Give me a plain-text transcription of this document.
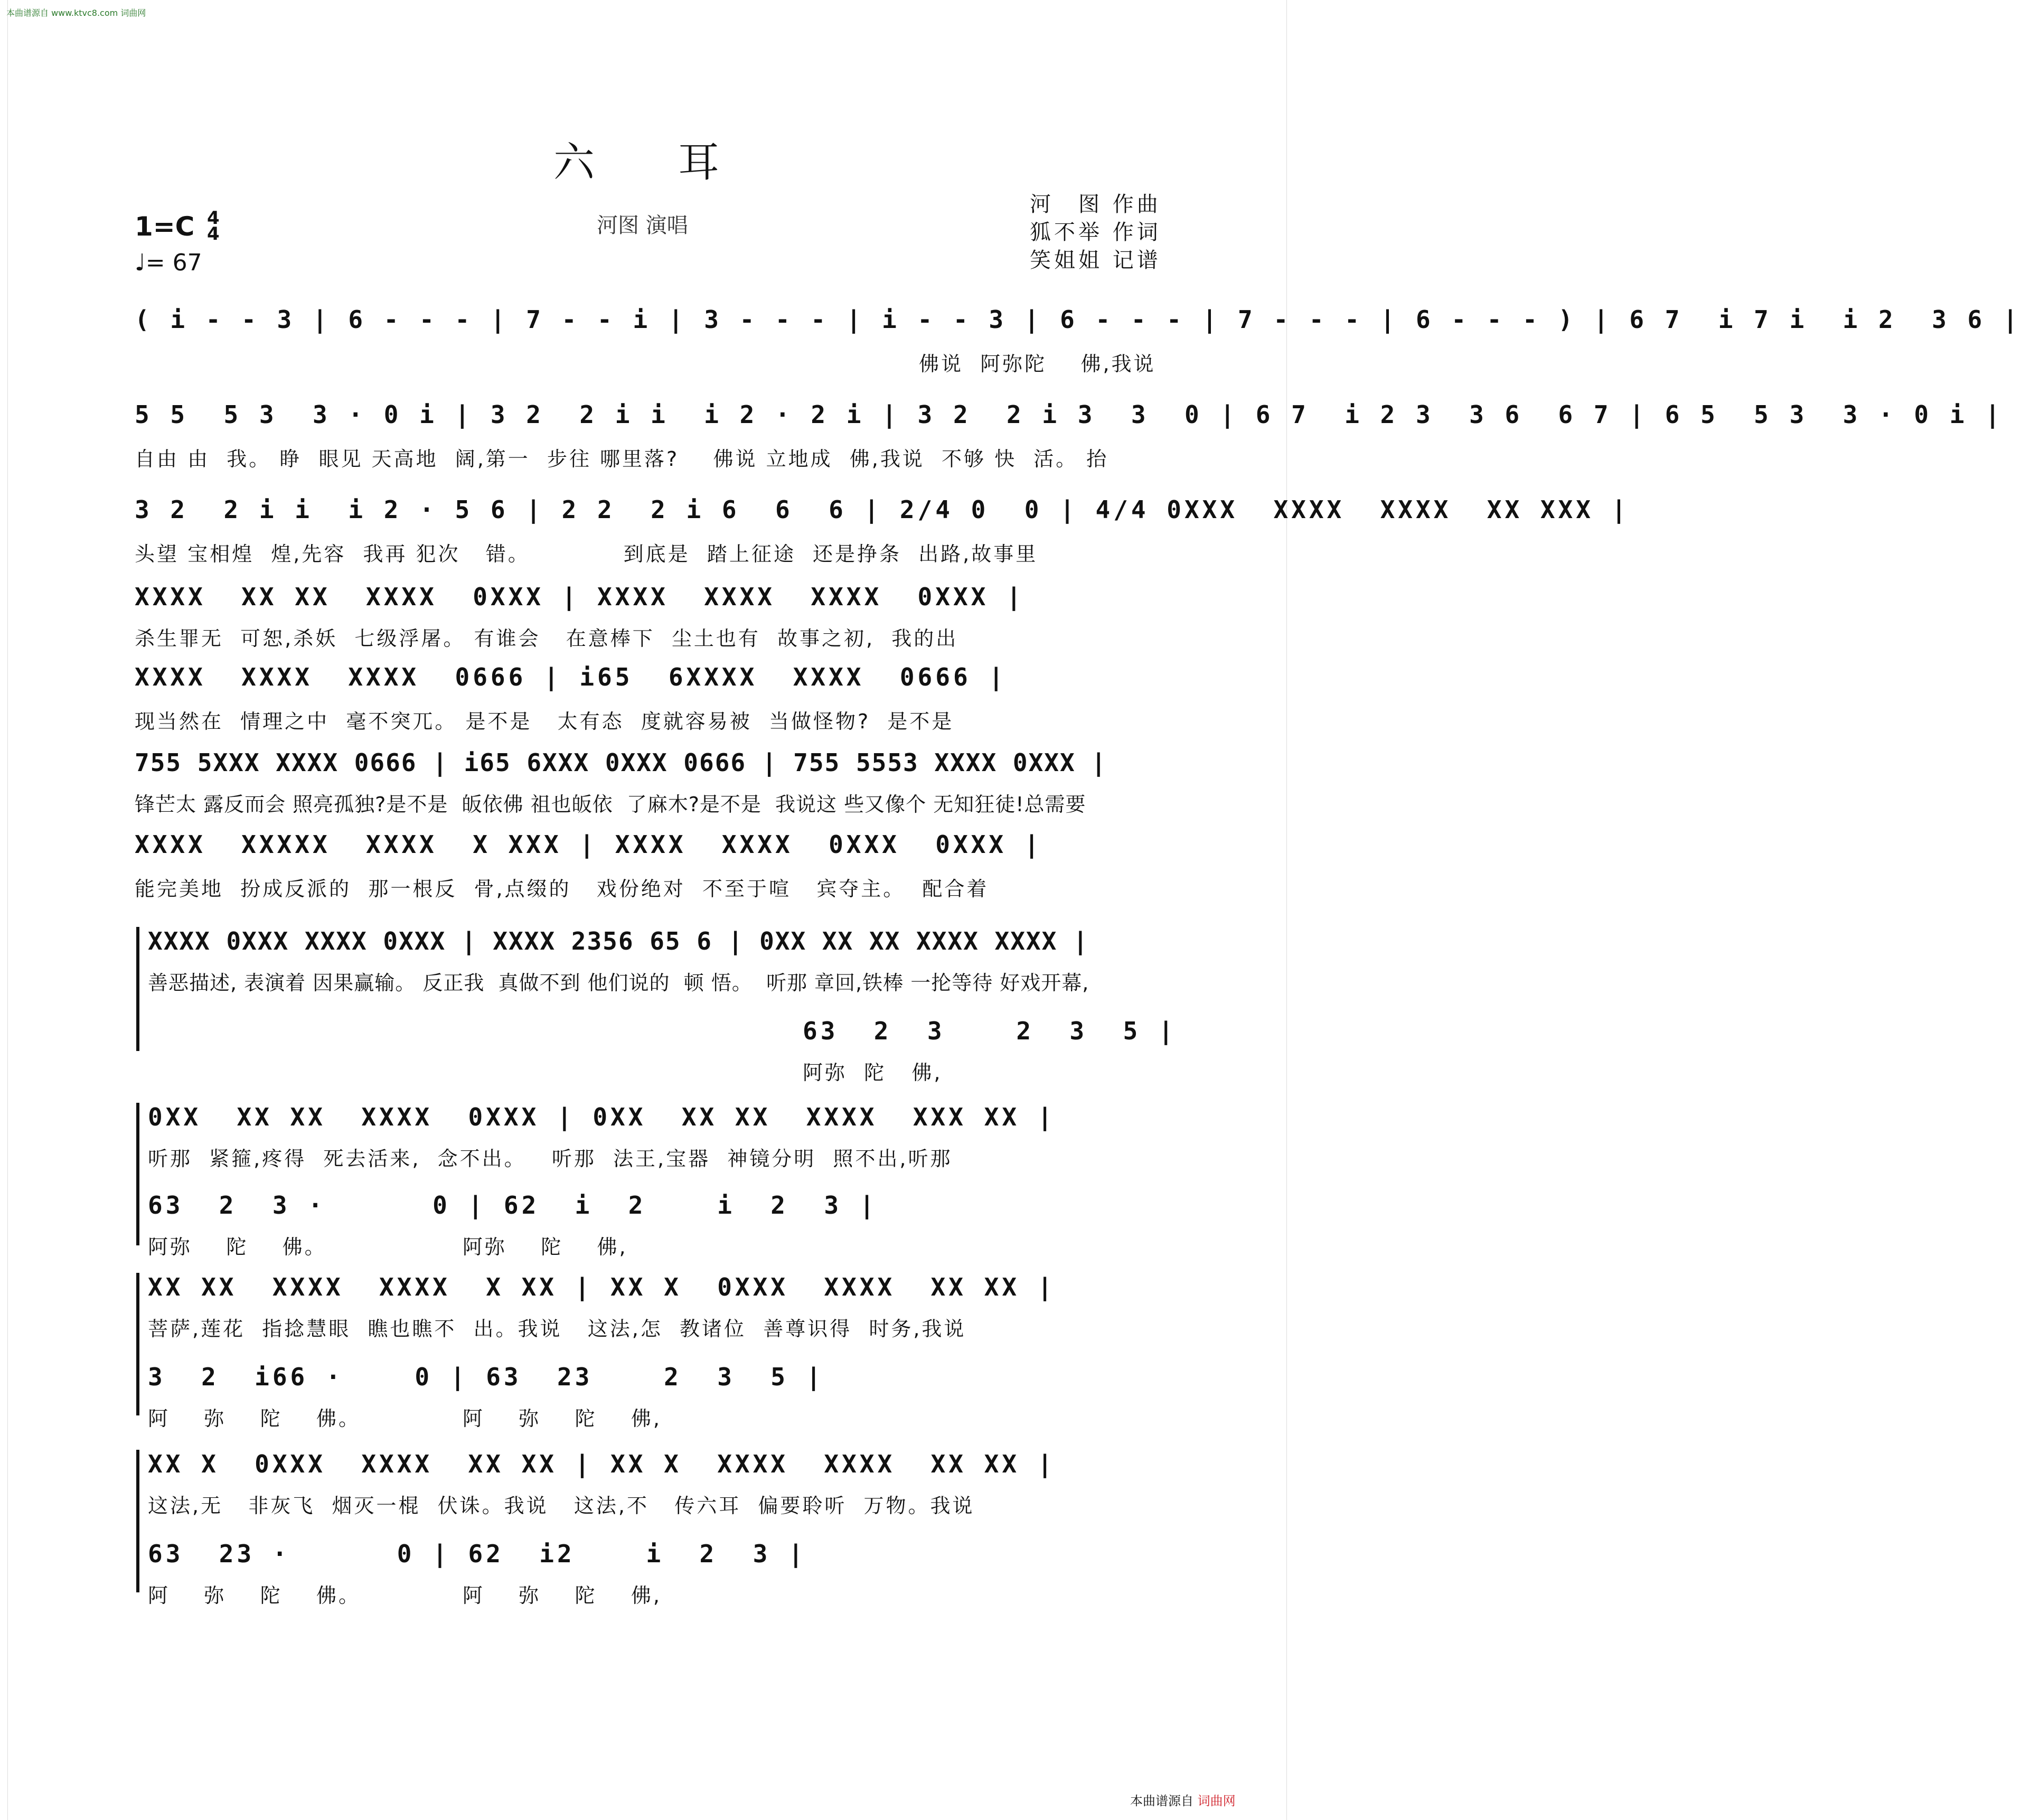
本曲谱源自 www.ktvc8.com 词曲网
六　耳
河图 演唱
河　图 作曲
狐不举 作词
笑姐姐 记谱
1=C 4
4
♩= 67
( i - - 3 | 6 - - - | 7 - - i | 3 - - - | i - - 3 | 6 - - - | 7 - - - | 6 - - - ) | 6 7  i 7 i  i 2  3 6 |
佛说  阿弥陀    佛,我说
5 5  5 3  3 · 0 i | 3 2  2 i i  i 2 · 2 i | 3 2  2 i 3  3  0 | 6 7  i 2 3  3 6  6 7 | 6 5  5 3  3 · 0 i |
自由 由  我。 睁  眼见 天高地  阔,第一  步往 哪里落?    佛说 立地成  佛,我说  不够 快  活。 抬
3 2  2 i i  i 2 · 5 6 | 2 2  2 i 6  6  6 | 2/4 0  0 | 4/4 0XXX  XXXX  XXXX  XX XXX |
头望 宝相煌  煌,先容  我再 犯次   错。           到底是  踏上征途  还是挣条  出路,故事里
XXXX  XX XX  XXXX  0XXX | XXXX  XXXX  XXXX  0XXX |
杀生罪无  可恕,杀妖  七级浮屠。 有谁会   在意棒下  尘土也有  故事之初,  我的出
XXXX  XXXX  XXXX  0666 | i65  6XXXX  XXXX  0666 |
现当然在  情理之中  毫不突兀。 是不是   太有态  度就容易被  当做怪物?  是不是
755 5XXX XXXX 0666 | i65 6XXX 0XXX 0666 | 755 5553 XXXX 0XXX |
锋芒太 露反而会 照亮孤独?是不是  皈依佛 祖也皈依  了麻木?是不是  我说这 些又像个 无知狂徒!总需要
XXXX  XXXXX  XXXX  X XXX | XXXX  XXXX  0XXX  0XXX |
能完美地  扮成反派的  那一根反  骨,点缀的   戏份绝对  不至于喧   宾夺主。  配合着
XXXX 0XXX XXXX 0XXX | XXXX 2356 65 6 | 0XX XX XX XXXX XXXX |
善恶描述, 表演着 因果赢输。 反正我  真做不到 他们说的  顿 悟。  听那 章回,铁棒 一抡等待 好戏开幕,
63  2  3    2  3  5 |
阿弥  陀   佛,
0XX  XX XX  XXXX  0XXX | 0XX  XX XX  XXXX  XXX XX |
听那  紧箍,疼得  死去活来,  念不出。   听那  法王,宝器  神镜分明  照不出,听那
63  2  3 ·      0 | 62  i  2    i  2  3 |
阿弥    陀    佛。                阿弥    陀    佛,
XX XX  XXXX  XXXX  X XX | XX X  0XXX  XXXX  XX XX |
菩萨,莲花  指捻慧眼  瞧也瞧不  出。我说   这法,怎  教诸位  善尊识得  时务,我说
3  2  i66 ·    0 | 63  23    2  3  5 |
阿    弥    陀    佛。            阿    弥    陀    佛,
XX X  0XXX  XXXX  XX XX | XX X  XXXX  XXXX  XX XX |
这法,无   非灰飞  烟灭一棍  伏诛。我说   这法,不   传六耳  偏要聆听  万物。我说
63  23 ·      0 | 62  i2    i  2  3 |
阿    弥    陀    佛。            阿    弥    陀    佛,
本曲谱源自 词曲网
